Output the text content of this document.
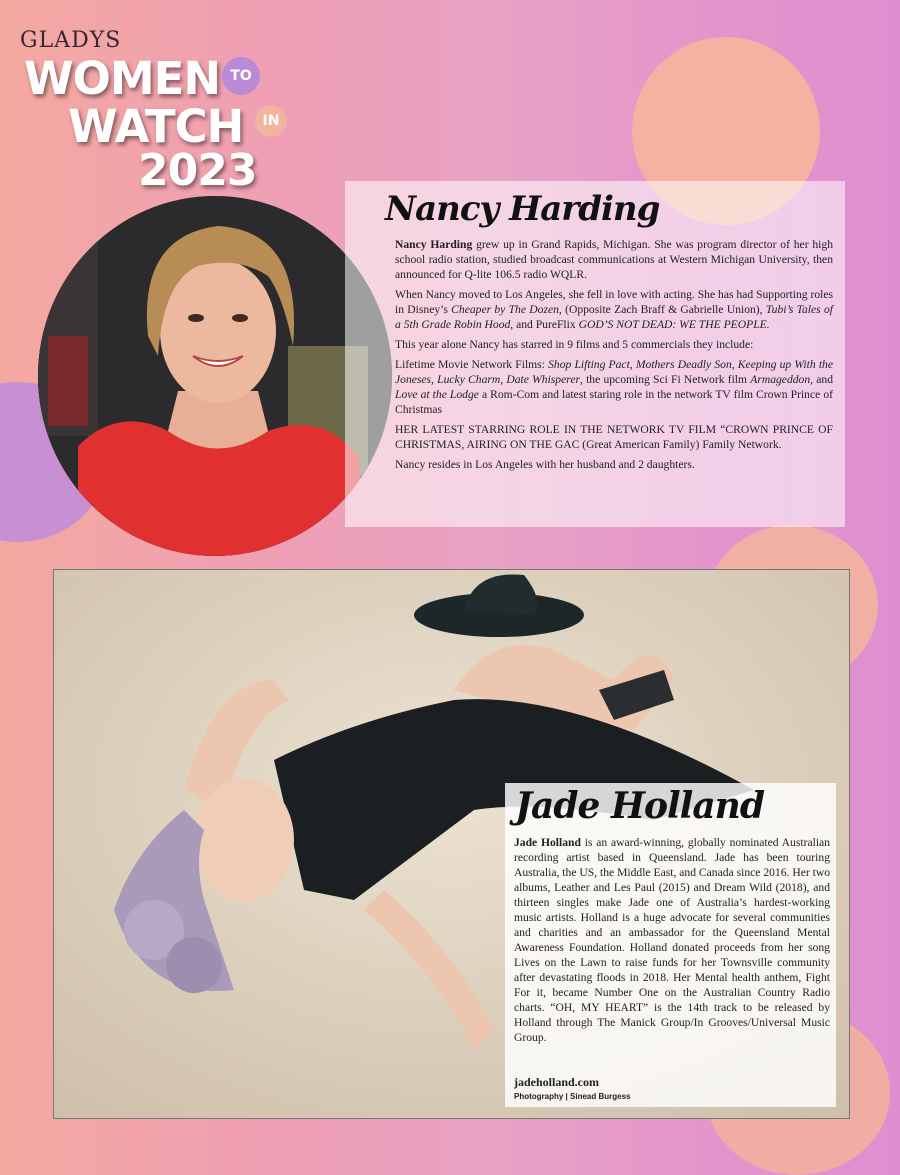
GLADYS
WOMEN TO
WATCH	IN
2023
Nancy Harding

Nancy Harding grew up in Grand Rapids, Michigan. She was program director of her high school radio station, studied broadcast communications at Western Michigan University, then announced for Q-lite 106.5 radio WQLR.

When Nancy moved to Los Angeles, she fell in love with acting. She has had Supporting roles in Disney’s Cheaper by The Dozen, (Opposite Zach Braff & Gabrielle Union), Tubi’s Tales of a 5th Grade Robin Hood, and PureFlix GOD’S NOT DEAD: WE THE PEOPLE.

This year alone Nancy has starred in 9 films and 5 commercials they include:

Lifetime Movie Network Films: Shop Lifting Pact, Mothers Deadly Son, Keeping up With the Joneses, Lucky Charm, Date Whisperer, the upcoming Sci Fi Network film Armageddon, and Love at the Lodge a Rom-Com and latest staring role in the network TV film Crown Prince of Christmas

HER LATEST STARRING ROLE IN THE NETWORK TV FILM “CROWN PRINCE OF CHRISTMAS, AIRING ON THE GAC (Great American Family) Family Network.

Nancy resides in Los Angeles with her husband and 2 daughters.

Jade Holland

Jade Holland is an award-winning, globally nominated Australian recording artist based in Queensland. Jade has been touring Australia, the US, the Middle East, and Canada since 2016. Her two albums, Leather and Les Paul (2015) and Dream Wild (2018), and thirteen singles make Jade one of Australia’s hardest-working music artists. Holland is a huge advocate for several communities and charities and an ambassador for the Queensland Mental Awareness Foundation. Holland donated proceeds from her song Lives on the Lawn to raise funds for her Townsville community after devastating floods in 2018. Her Mental health anthem, Fight For it, became Number One on the Australian Country Radio charts. “OH, MY HEART” is the 14th track to be released by Holland through The Manick Group/In Grooves/Universal Music Group.

jadeholland.com
Photography | Sinead Burgess
